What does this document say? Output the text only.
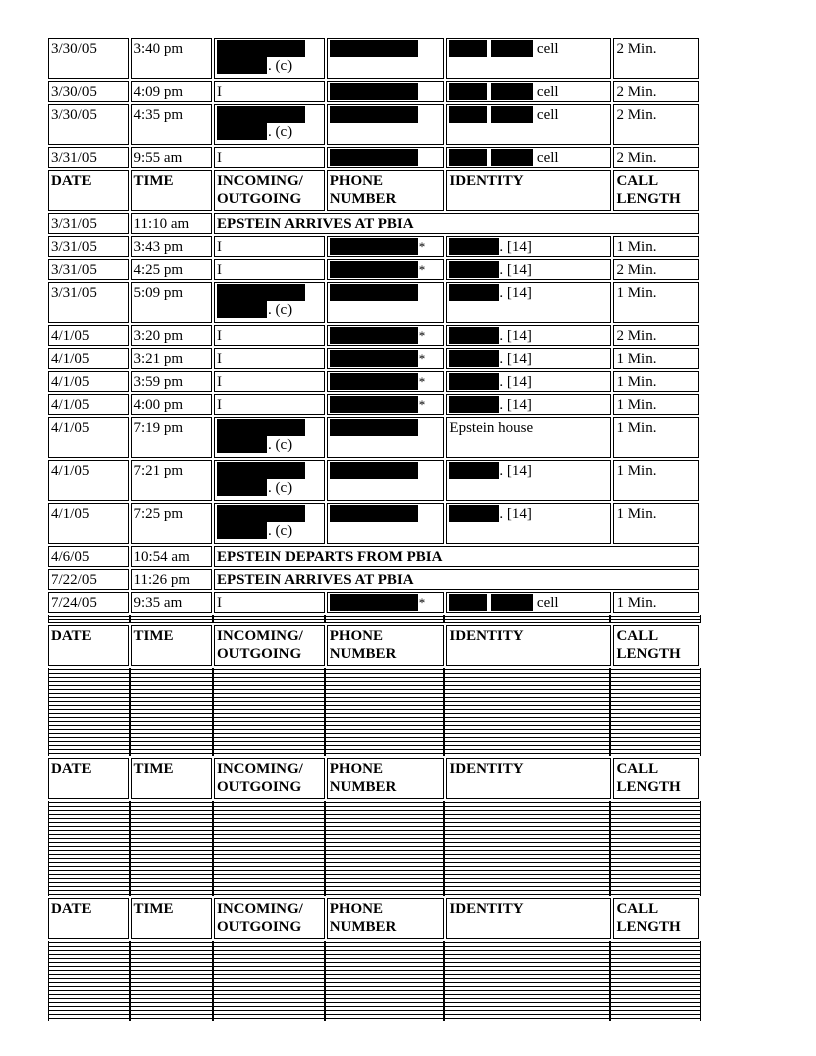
3/30/05	3:40 pm	. (c)		cell	2 Min.
3/30/05	4:09 pm	I		cell	2 Min.
3/30/05	4:35 pm	. (c)		cell	2 Min.
3/31/05	9:55 am	I		cell	2 Min.
DATE	TIME	INCOMING/ OUTGOING	PHONE NUMBER	IDENTITY	CALL LENGTH
3/31/05	11:10 am	EPSTEIN ARRIVES AT PBIA			
3/31/05	3:43 pm	I	*	. [14]	1 Min.
3/31/05	4:25 pm	I	*	. [14]	2 Min.
3/31/05	5:09 pm	. (c)		. [14]	1 Min.
4/1/05	3:20 pm	I	*	. [14]	2 Min.
4/1/05	3:21 pm	I	*	. [14]	1 Min.
4/1/05	3:59 pm	I	*	. [14]	1 Min.
4/1/05	4:00 pm	I	*	. [14]	1 Min.
4/1/05	7:19 pm	. (c)		Epstein house	1 Min.
4/1/05	7:21 pm	. (c)		. [14]	1 Min.
4/1/05	7:25 pm	. (c)		. [14]	1 Min.
4/6/05	10:54 am	EPSTEIN DEPARTS FROM PBIA			
7/22/05	11:26 pm	EPSTEIN ARRIVES AT PBIA			
7/24/05	9:35 am	I	*	cell	1 Min.
DATE	TIME	INCOMING/ OUTGOING	PHONE NUMBER	IDENTITY	CALL LENGTH
DATE	TIME	INCOMING/ OUTGOING	PHONE NUMBER	IDENTITY	CALL LENGTH
DATE	TIME	INCOMING/ OUTGOING	PHONE NUMBER	IDENTITY	CALL LENGTH
